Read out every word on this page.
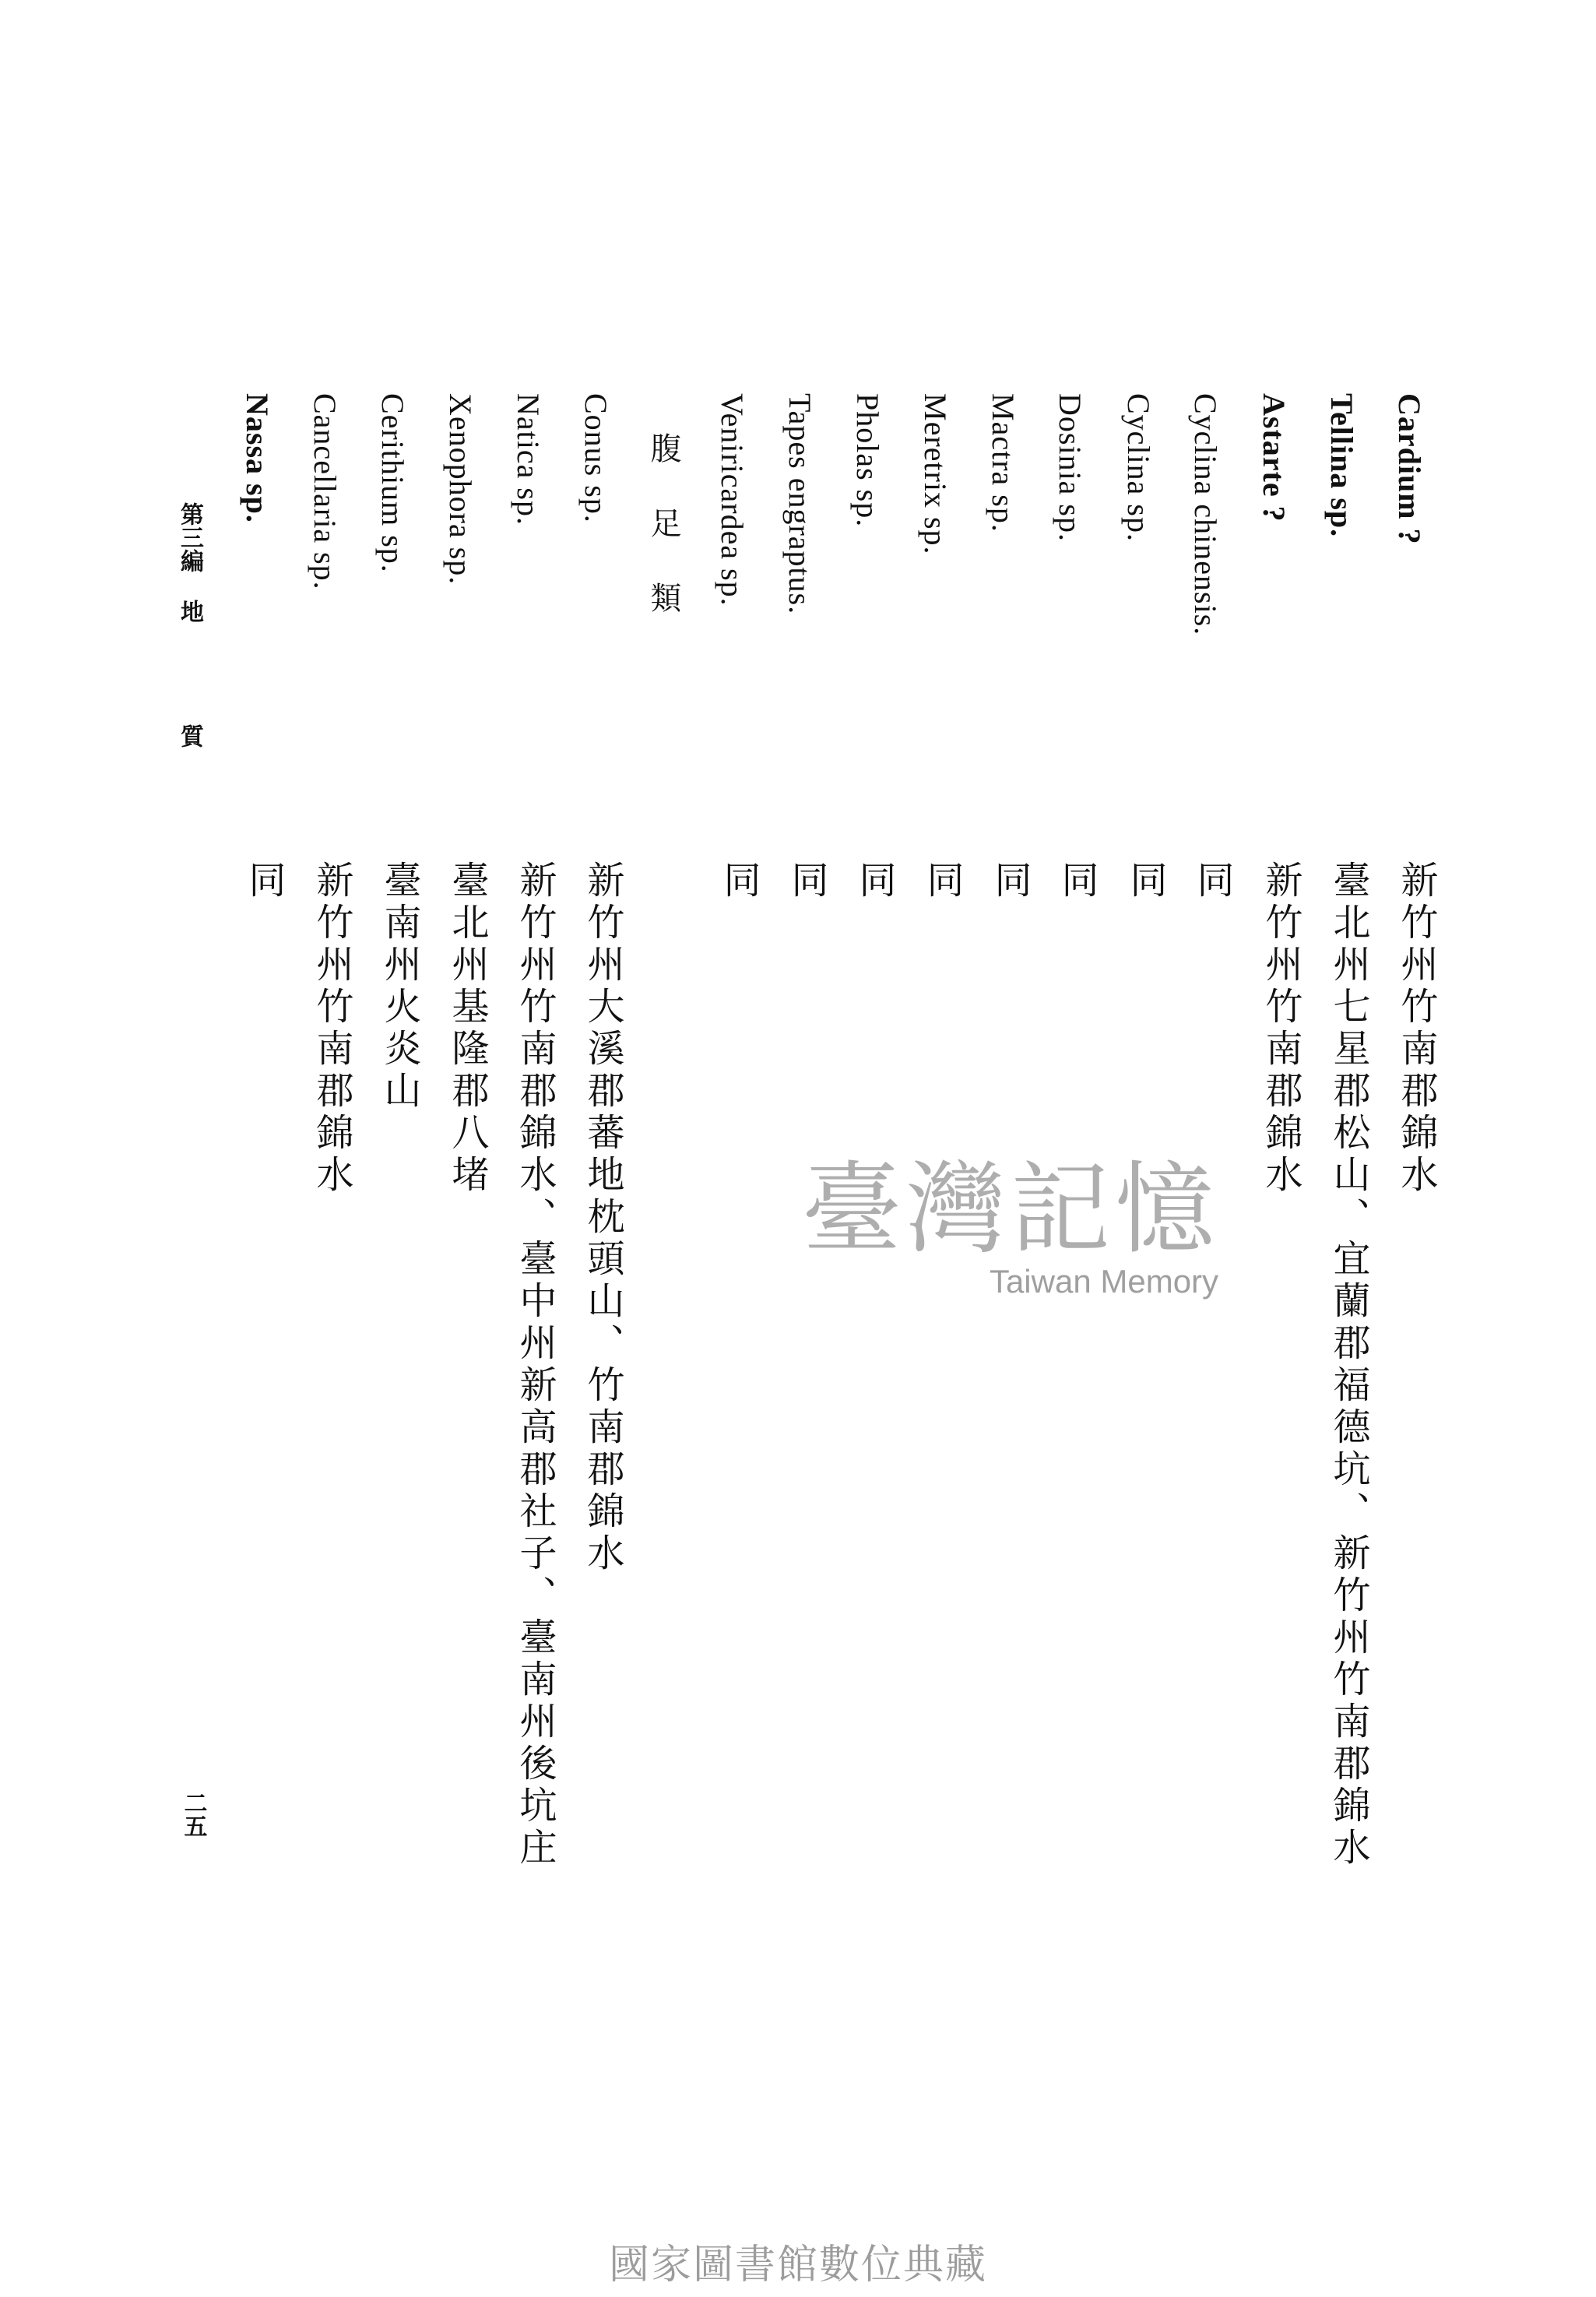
Cardium ?
Tellina sp.
Astarte ?
Cyclina chinensis.
Cyclina sp.
Dosinia sp.
Mactra sp.
Meretrix sp.
Pholas sp.
Tapes engraptus.
Veniricardea sp.
腹足類
Conus sp.
Natica sp.
Xenophora sp.
Cerithium sp.
Cancellaria sp.
Nassa sp.
新竹州竹南郡錦水
臺北州七星郡松山、宜蘭郡福德坑、新竹州竹南郡錦水
新竹州竹南郡錦水
同
同
同
同
同
同
同
同
新竹州大溪郡蕃地枕頭山、竹南郡錦水
新竹州竹南郡錦水、臺中州新高郡社子、臺南州後坑庄
臺北州基隆郡八堵
臺南州火炎山
新竹州竹南郡錦水
同
第三編 地
質
二五
臺灣記憶
Taiwan Memory
國家圖書館數位典藏
